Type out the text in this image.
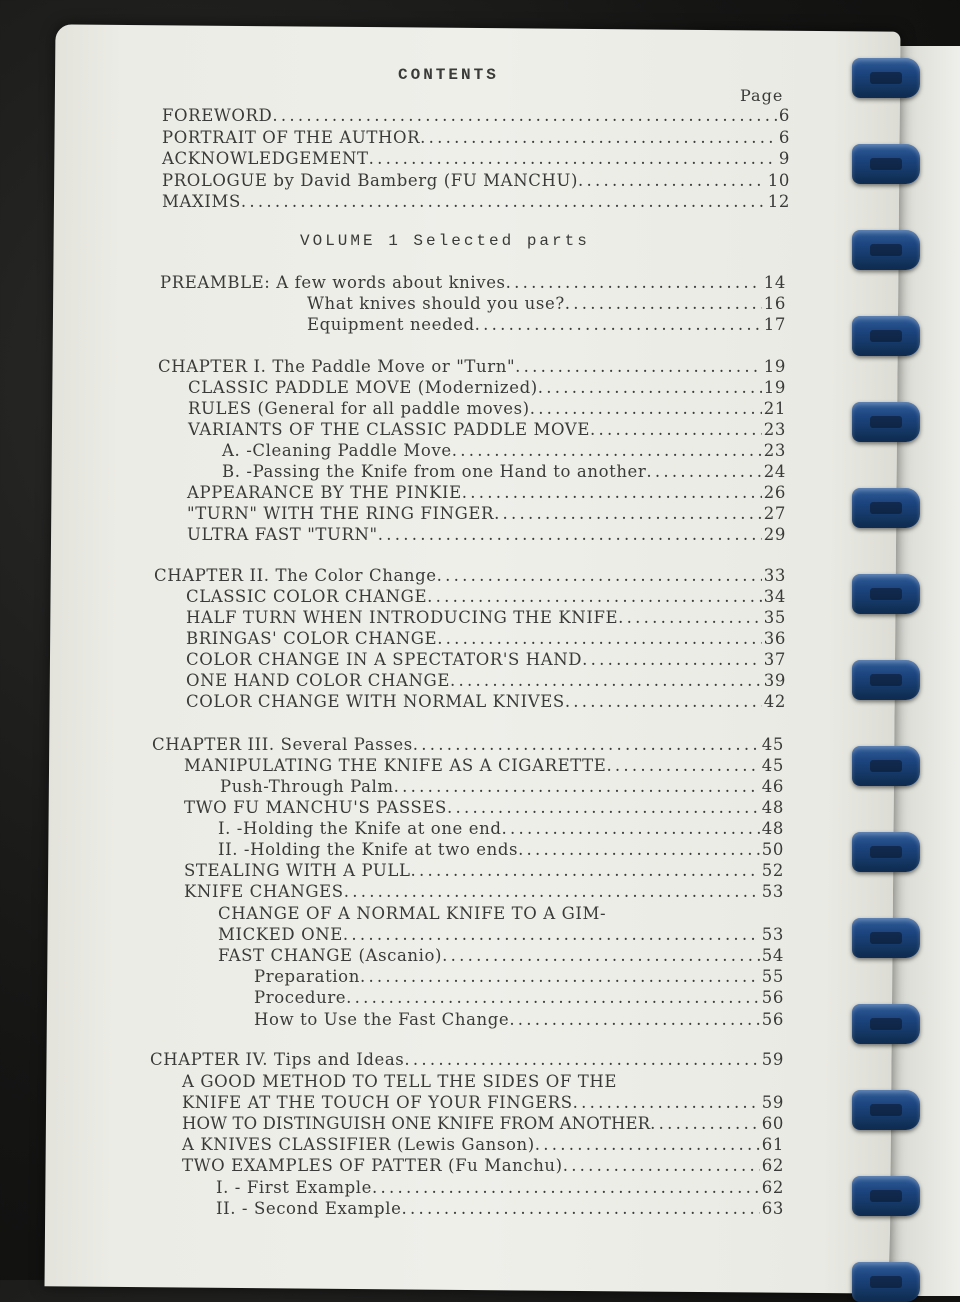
CONTENTS
Page
VOLUME 1 Selected parts
FOREWORD . . .	6
PORTRAIT OF THE AUTHOR . . .	6
ACKNOWLEDGEMENT . . .	9
PROLOGUE by David Bamberg (FU MANCHU) . . .	10
MAXIMS . . .	12
PREAMBLE: A few words about knives . . .	14
What knives should you use? . . .	16
Equipment needed . . .	17
CHAPTER I. The Paddle Move or "Turn" . . .	19
CLASSIC PADDLE MOVE (Modernized) . . .	19
RULES (General for all paddle moves) . . .	21
VARIANTS OF THE CLASSIC PADDLE MOVE . . .	23
A. -Cleaning Paddle Move . . .	23
B. -Passing the Knife from one Hand to another . . .	24
APPEARANCE BY THE PINKIE . . .	26
"TURN" WITH THE RING FINGER . . .	27
ULTRA FAST "TURN" . . .	29
CHAPTER II. The Color Change . . .	33
CLASSIC COLOR CHANGE . . .	34
HALF TURN WHEN INTRODUCING THE KNIFE . . .	35
BRINGAS' COLOR CHANGE . . .	36
COLOR CHANGE IN A SPECTATOR'S HAND . . .	37
ONE HAND COLOR CHANGE . . .	39
COLOR CHANGE WITH NORMAL KNIVES . . .	42
CHAPTER III. Several Passes . . .	45
MANIPULATING THE KNIFE AS A CIGARETTE . . .	45
Push-Through Palm . . .	46
TWO FU MANCHU'S PASSES . . .	48
I. -Holding the Knife at one end . . .	48
II. -Holding the Knife at two ends . . .	50
STEALING WITH A PULL . . .	52
KNIFE CHANGES . . .	53
CHANGE OF A NORMAL KNIFE TO A GIM-
MICKED ONE . . .	53
FAST CHANGE (Ascanio) . . .	54
Preparation . . .	55
Procedure . . .	56
How to Use the Fast Change . . .	56
CHAPTER IV. Tips and Ideas . . .	59
A GOOD METHOD TO TELL THE SIDES OF THE
KNIFE AT THE TOUCH OF YOUR FINGERS . . .	59
HOW TO DISTINGUISH ONE KNIFE FROM ANOTHER . . .	60
A KNIVES CLASSIFIER (Lewis Ganson) . . .	61
TWO EXAMPLES OF PATTER (Fu Manchu) . . .	62
I. - First Example . . .	62
II. - Second Example . . .	63
